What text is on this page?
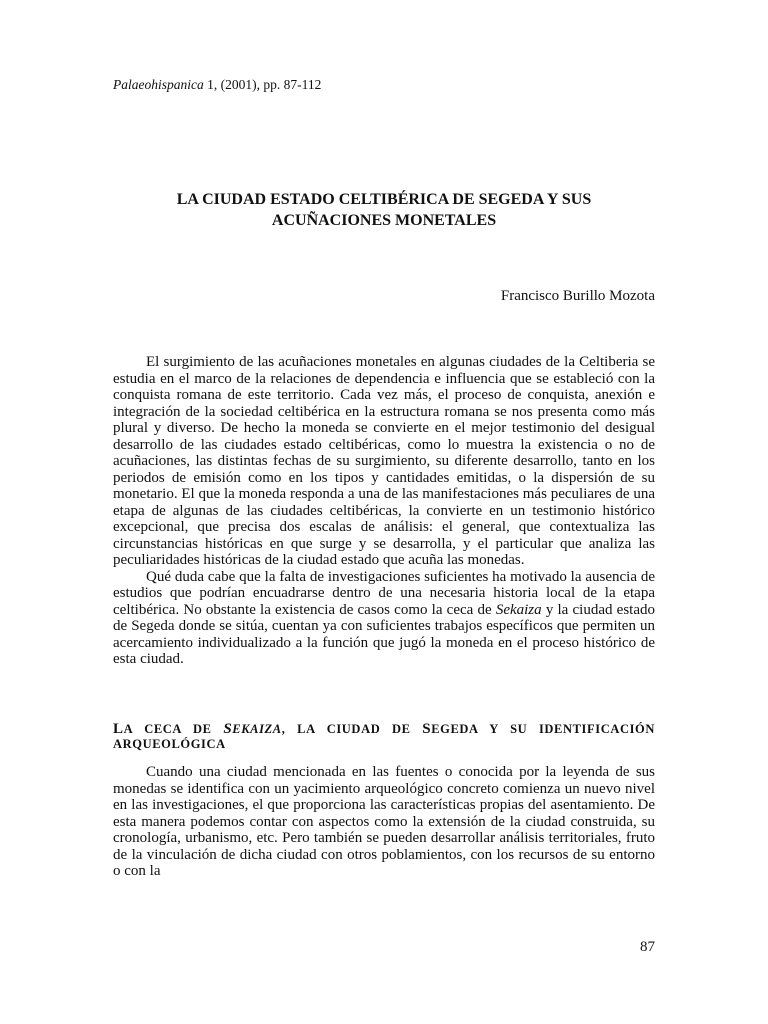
Palaeohispanica 1, (2001), pp. 87-112
LA CIUDAD ESTADO CELTIBÉRICA DE SEGEDA Y SUS
ACUÑACIONES MONETALES
Francisco Burillo Mozota

El surgimiento de las acuñaciones monetales en algunas ciudades de la Celtiberia se estudia en el marco de la relaciones de dependencia e influencia que se estableció con la conquista romana de este territorio. Cada vez más, el proceso de conquista, anexión e integración de la sociedad celtibérica en la estructura romana se nos presenta como más plural y diverso. De hecho la moneda se convierte en el mejor testimonio del desigual desarrollo de las ciudades estado celtibéricas, como lo muestra la existencia o no de acuñaciones, las distintas fechas de su surgimiento, su diferente desarrollo, tanto en los periodos de emisión como en los tipos y cantidades emitidas, o la dispersión de su monetario. El que la moneda responda a una de las manifestaciones más peculiares de una etapa de algunas de las ciudades celtibéricas, la convierte en un testimonio histórico excepcional, que precisa dos escalas de análisis: el general, que contextualiza las circunstancias históricas en que surge y se desarrolla, y el particular que analiza las peculiaridades históricas de la ciudad estado que acuña las monedas.

Qué duda cabe que la falta de investigaciones suficientes ha motivado la ausencia de estudios que podrían encuadrarse dentro de una necesaria historia local de la etapa celtibérica. No obstante la existencia de casos como la ceca de Sekaiza y la ciudad estado de Segeda donde se sitúa, cuentan ya con suficientes trabajos específicos que permiten un acercamiento individualizado a la función que jugó la moneda en el proceso histórico de esta ciudad.

LA CECA DE SEKAIZA, LA CIUDAD DE SEGEDA Y SU IDENTIFICACIÓN ARQUEOLÓGICA

Cuando una ciudad mencionada en las fuentes o conocida por la leyenda de sus monedas se identifica con un yacimiento arqueológico concreto comienza un nuevo nivel en las investigaciones, el que proporciona las características propias del asentamiento. De esta manera podemos contar con aspectos como la extensión de la ciudad construida, su cronología, urbanismo, etc. Pero también se pueden desarrollar análisis territoriales, fruto de la vinculación de dicha ciudad con otros poblamientos, con los recursos de su entorno o con la

87
